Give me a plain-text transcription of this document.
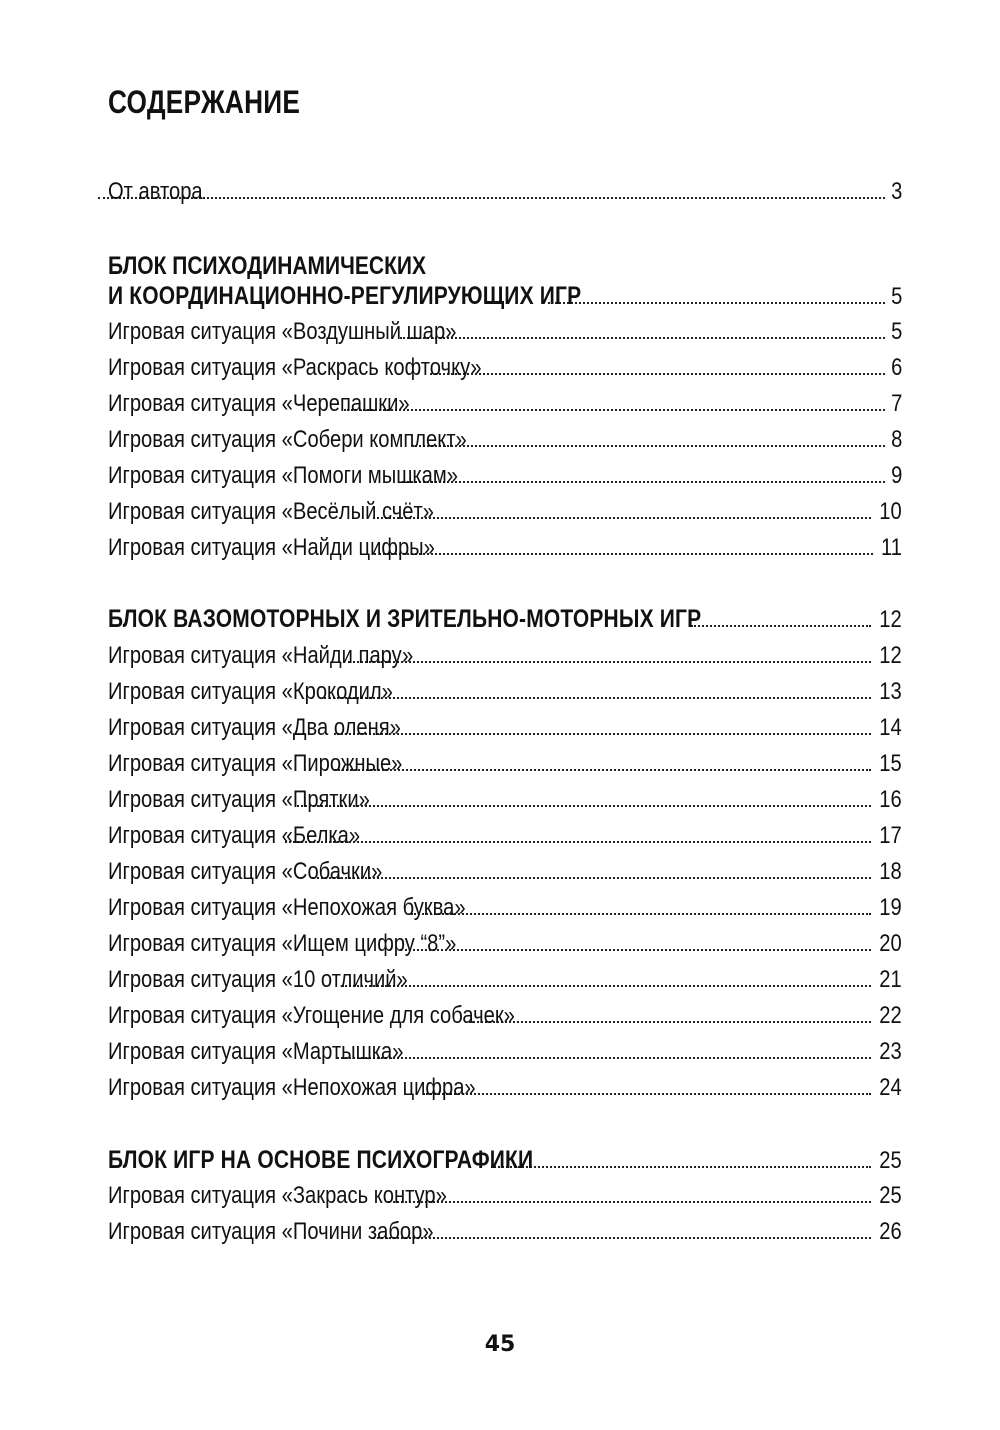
СОДЕРЖАНИЕ
От автора	3
БЛОК ПСИХОДИНАМИЧЕСКИХ
И КООРДИНАЦИОННО-РЕГУЛИРУЮЩИХ ИГР	5
Игровая ситуация «Воздушный шар»	5
Игровая ситуация «Раскрась кофточку»	6
Игровая ситуация «Черепашки»	7
Игровая ситуация «Собери комплект»	8
Игровая ситуация «Помоги мышкам»	9
Игровая ситуация «Весёлый счёт»	10
Игровая ситуация «Найди цифры»	11
БЛОК ВАЗОМОТОРНЫХ И ЗРИТЕЛЬНО-МОТОРНЫХ ИГР	12
Игровая ситуация «Найди пару»	12
Игровая ситуация «Крокодил»	13
Игровая ситуация «Два оленя»	14
Игровая ситуация «Пирожные»	15
Игровая ситуация «Прятки»	16
Игровая ситуация «Белка»	17
Игровая ситуация «Собачки»	18
Игровая ситуация «Непохожая буква»	19
Игровая ситуация «Ищем цифру “8”»	20
Игровая ситуация «10 отличий»	21
Игровая ситуация «Угощение для собачек»	22
Игровая ситуация «Мартышка»	23
Игровая ситуация «Непохожая цифра»	24
БЛОК ИГР НА ОСНОВЕ ПСИХОГРАФИКИ	25
Игровая ситуация «Закрась контур»	25
Игровая ситуация «Почини забор»	26
45
